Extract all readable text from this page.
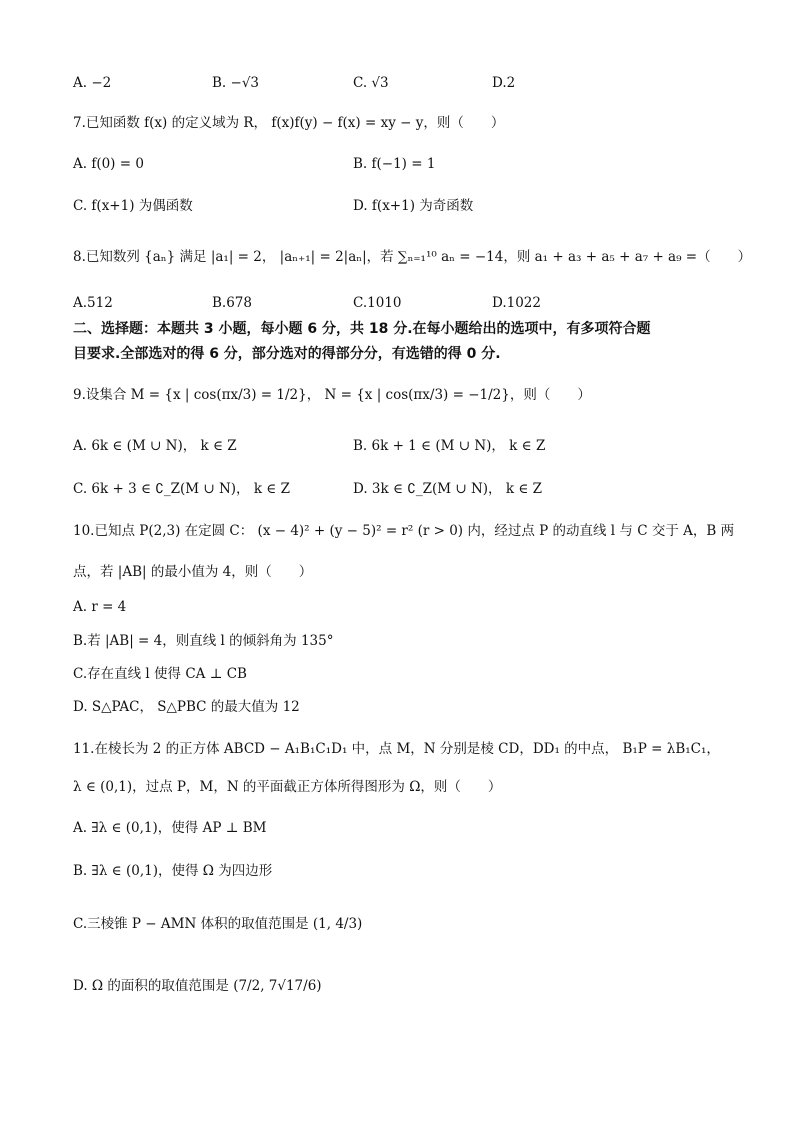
A. −2	B. −√3	C. √3	D.2
7.已知函数 f(x) 的定义域为 R， f(x)f(y) − f(x) = xy − y，则（　　）
A. f(0) = 0	B. f(−1) = 1
C. f(x+1) 为偶函数	D. f(x+1) 为奇函数
8.已知数列 {aₙ} 满足 |a₁| = 2， |aₙ₊₁| = 2|aₙ|，若 ∑ₙ₌₁¹⁰ aₙ = −14，则 a₁ + a₃ + a₅ + a₇ + a₉ =（　　）
A.512	B.678	C.1010	D.1022
二、选择题：本题共 3 小题，每小题 6 分，共 18 分.在每小题给出的选项中，有多项符合题
目要求.全部选对的得 6 分，部分选对的得部分分，有选错的得 0 分.
9.设集合 M = {x | cos(πx/3) = 1/2}， N = {x | cos(πx/3) = −1/2}，则（　　）
A. 6k ∈ (M ∪ N)， k ∈ Z	B. 6k + 1 ∈ (M ∪ N)， k ∈ Z
C. 6k + 3 ∈ ∁_Z(M ∪ N)， k ∈ Z	D. 3k ∈ ∁_Z(M ∪ N)， k ∈ Z
10.已知点 P(2,3) 在定圆 C： (x − 4)² + (y − 5)² = r² (r > 0) 内，经过点 P 的动直线 l 与 C 交于 A，B 两
点，若 |AB| 的最小值为 4，则（　　）
A. r = 4
B.若 |AB| = 4，则直线 l 的倾斜角为 135°
C.存在直线 l 使得 CA ⊥ CB
D. S△PAC， S△PBC 的最大值为 12
11.在棱长为 2 的正方体 ABCD − A₁B₁C₁D₁ 中，点 M，N 分别是棱 CD，DD₁ 的中点， B₁P = λB₁C₁，
λ ∈ (0,1)，过点 P，M，N 的平面截正方体所得图形为 Ω，则（　　）
A. ∃λ ∈ (0,1)，使得 AP ⊥ BM
B. ∃λ ∈ (0,1)，使得 Ω 为四边形
C.三棱锥 P − AMN 体积的取值范围是 (1, 4/3)
D. Ω 的面积的取值范围是 (7/2, 7√17/6)
